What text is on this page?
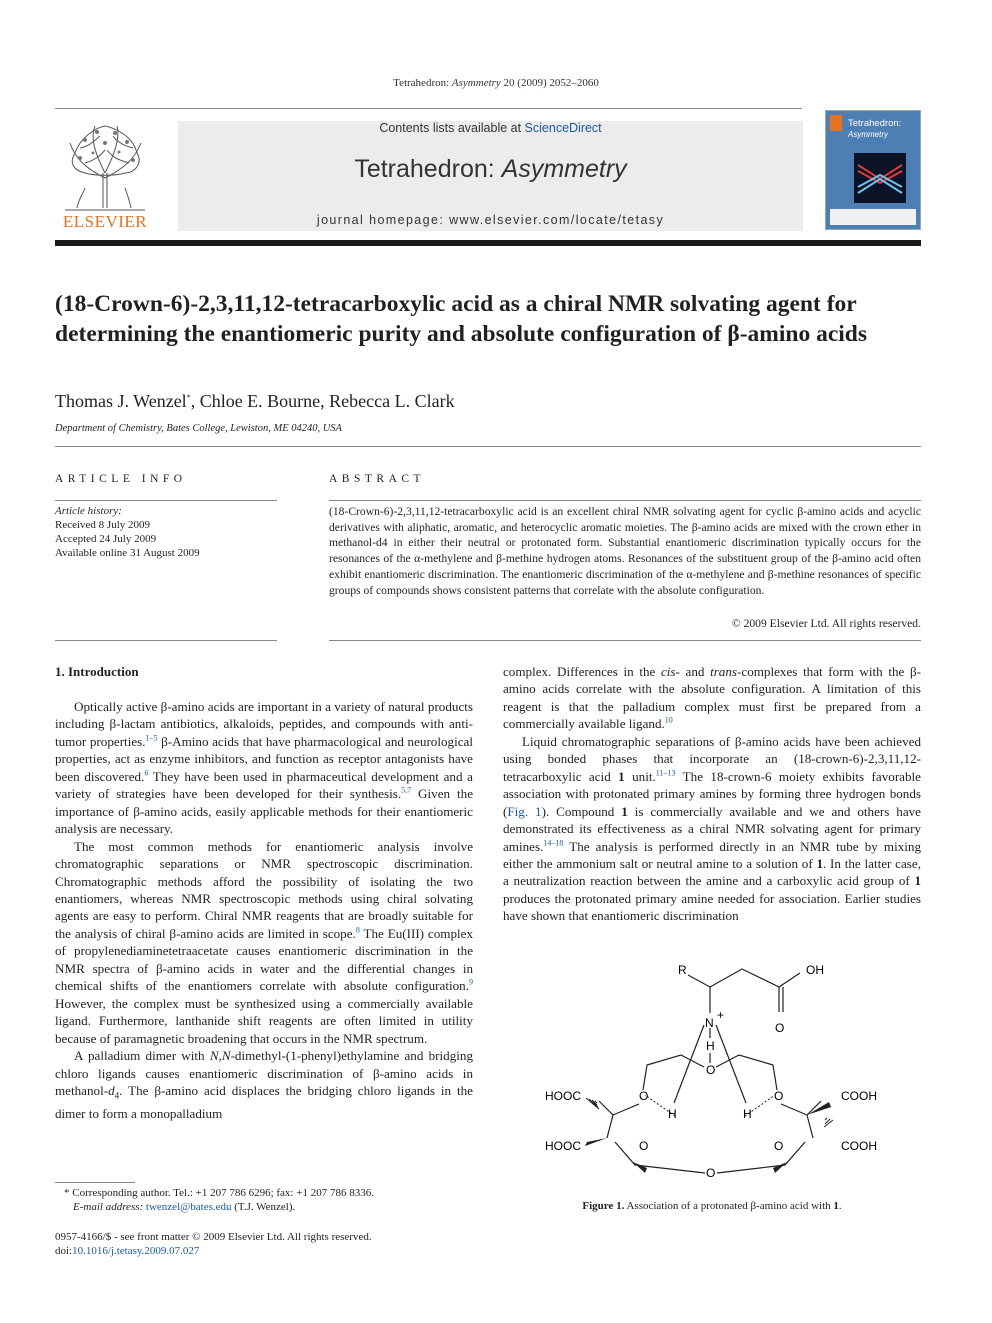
Tetrahedron: Asymmetry 20 (2009) 2052–2060
ELSEVIER
Contents lists available at ScienceDirect
Tetrahedron: Asymmetry
journal homepage: www.elsevier.com/locate/tetasy
Tetrahedron:
Asymmetry
(18-Crown-6)-2,3,11,12-tetracarboxylic acid as a chiral NMR solvating agent for determining the enantiomeric purity and absolute configuration of β-amino acids
Thomas J. Wenzel*, Chloe E. Bourne, Rebecca L. Clark
Department of Chemistry, Bates College, Lewiston, ME 04240, USA
ARTICLE INFO
Article history:
Received 8 July 2009
Accepted 24 July 2009
Available online 31 August 2009
ABSTRACT
(18-Crown-6)-2,3,11,12-tetracarboxylic acid is an excellent chiral NMR solvating agent for cyclic β-amino acids and acyclic derivatives with aliphatic, aromatic, and heterocyclic aromatic moieties. The β-amino acids are mixed with the crown ether in methanol-d4 in either their neutral or protonated form. Substantial enantiomeric discrimination typically occurs for the resonances of the α-methylene and β-methine hydrogen atoms. Resonances of the substituent group of the β-amino acid often exhibit enantiomeric discrimination. The enantiomeric discrimination of the α-methylene and β-methine resonances of specific groups of compounds shows consistent patterns that correlate with the absolute configuration.
© 2009 Elsevier Ltd. All rights reserved.
1. Introduction

Optically active β-amino acids are important in a variety of natural products including β-lactam antibiotics, alkaloids, peptides, and compounds with anti-tumor properties.$^{1-5}$ β-Amino acids that have pharmacological and neurological properties, act as enzyme inhibitors, and function as receptor antagonists have been discovered.$^6$ They have been used in pharmaceutical development and a variety of strategies have been developed for their synthesis.$^{5,7}$ Given the importance of β-amino acids, easily applicable methods for their enantiomeric analysis are necessary.

The most common methods for enantiomeric analysis involve chromatographic separations or NMR spectroscopic discrimination. Chromatographic methods afford the possibility of isolating the two enantiomers, whereas NMR spectroscopic methods using chiral solvating agents are easy to perform. Chiral NMR reagents that are broadly suitable for the analysis of chiral β-amino acids are limited in scope.$^8$ The Eu(III) complex of propylenediaminetetraacetate causes enantiomeric discrimination in the NMR spectra of β-amino acids in water and the differential changes in chemical shifts of the enantiomers correlate with absolute configuration.$^9$ However, the complex must be synthesized using a commercially available ligand. Furthermore, lanthanide shift reagents are often limited in utility because of paramagnetic broadening that occurs in the NMR spectrum.

A palladium dimer with N,N-dimethyl-(1-phenyl)ethylamine and bridging chloro ligands causes enantiomeric discrimination of β-amino acids in methanol-$d_4$. The β-amino acid displaces the bridging chloro ligands in the dimer to form a monopalladium

complex. Differences in the cis- and trans-complexes that form with the β-amino acids correlate with the absolute configuration. A limitation of this reagent is that the palladium complex must first be prepared from a commercially available ligand.$^{10}$

Liquid chromatographic separations of β-amino acids have been achieved using bonded phases that incorporate an (18-crown-6)-2,3,11,12-tetracarboxylic acid 1 unit.$^{11-13}$ The 18-crown-6 moiety exhibits favorable association with protonated primary amines by forming three hydrogen bonds (Fig. 1). Compound 1 is commercially available and we and others have demonstrated its effectiveness as a chiral NMR solvating agent for primary amines.$^{14-18}$ The analysis is performed directly in an NMR tube by mixing either the ammonium salt or neutral amine to a solution of 1. In the latter case, a neutralization reaction between the amine and a carboxylic acid group of 1 produces the protonated primary amine needed for association. Earlier studies have shown that enantiomeric discrimination

R	OH
N
+
O
H
O
O	O
H	H
O	O
O
HOOC
HOOC
COOH
COOH
Figure 1. Association of a protonated β-amino acid with 1.
* Corresponding author. Tel.: +1 207 786 6296; fax: +1 207 786 8336.
E-mail address: twenzel@bates.edu (T.J. Wenzel).
0957-4166/$ - see front matter © 2009 Elsevier Ltd. All rights reserved.
doi:10.1016/j.tetasy.2009.07.027
